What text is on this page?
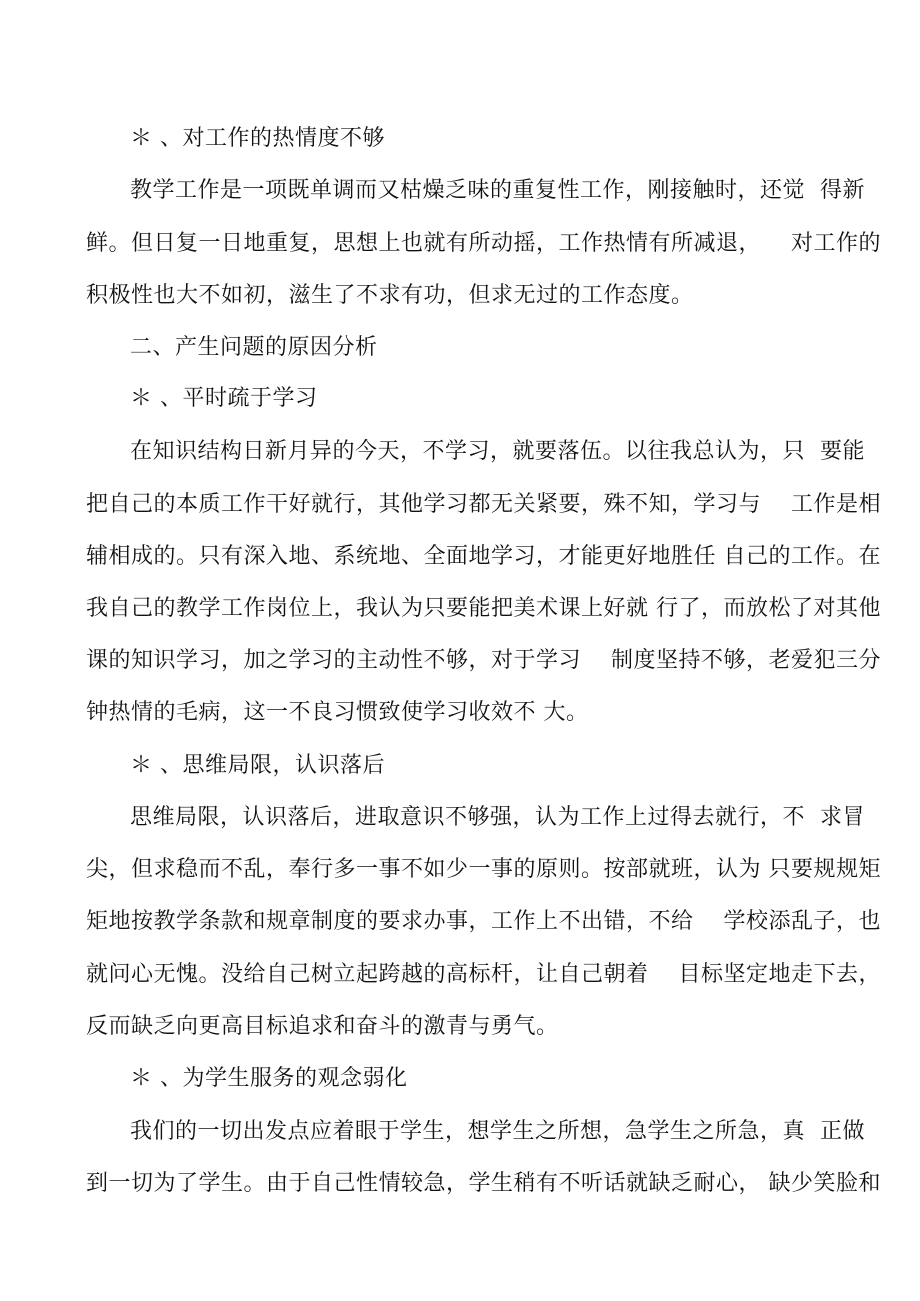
＊ 、对工作的热情度不够
教学工作是一项既单调而又枯燥乏味的重复性工作，刚接触时，还觉  得新
鲜。但日复一日地重复，思想上也就有所动摇，工作热情有所减退，    对工作的
积极性也大不如初，滋生了不求有功，但求无过的工作态度。
二、产生问题的原因分析
＊ 、平时疏于学习
在知识结构日新月异的今天，不学习，就要落伍。以往我总认为，只  要能
把自己的本质工作干好就行，其他学习都无关紧要，殊不知，学习与    工作是相
辅相成的。只有深入地、系统地、全面地学习，才能更好地胜任 自己的工作。在
我自己的教学工作岗位上，我认为只要能把美术课上好就 行了，而放松了对其他
课的知识学习，加之学习的主动性不够，对于学习    制度坚持不够，老爱犯三分
钟热情的毛病，这一不良习惯致使学习收效不 大。
＊ 、思维局限，认识落后
思维局限，认识落后，进取意识不够强，认为工作上过得去就行，不  求冒
尖，但求稳而不乱，奉行多一事不如少一事的原则。按部就班，认为 只要规规矩
矩地按教学条款和规章制度的要求办事，工作上不出错，不给    学校添乱子，也
就问心无愧。没给自己树立起跨越的高标杆，让自己朝着    目标坚定地走下去，
反而缺乏向更高目标追求和奋斗的激青与勇气。
＊ 、为学生服务的观念弱化
我们的一切出发点应着眼于学生，想学生之所想，急学生之所急，真  正做
到一切为了学生。由于自己性情较急，学生稍有不听话就缺乏耐心， 缺少笑脸和
